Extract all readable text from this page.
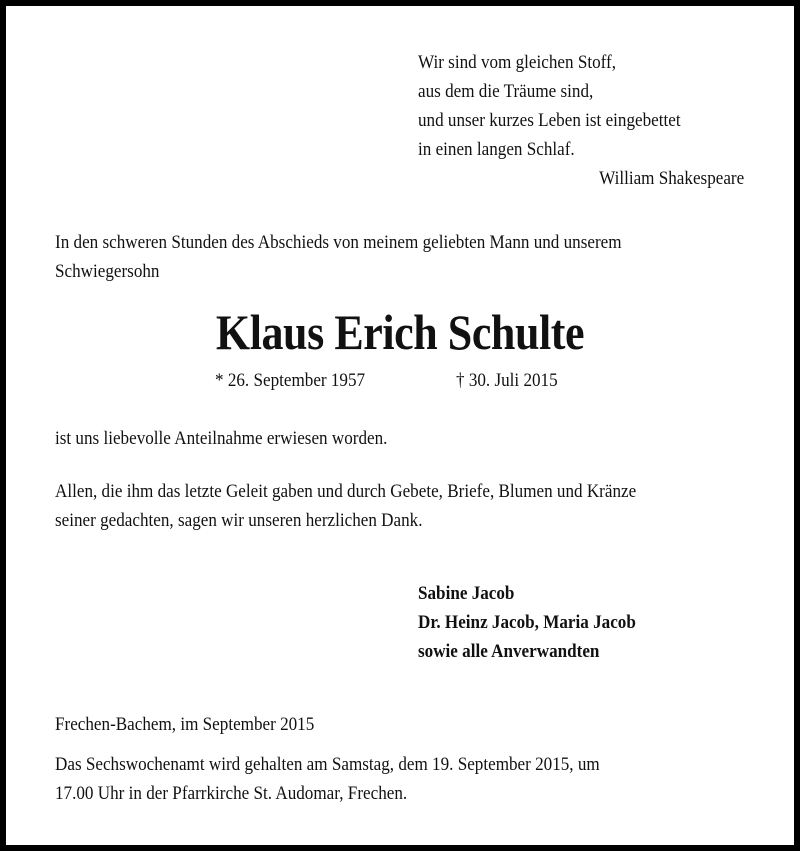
Wir sind vom gleichen Stoff,
aus dem die Träume sind,
und unser kurzes Leben ist eingebettet
in einen langen Schlaf.
William Shakespeare
In den schweren Stunden des Abschieds von meinem geliebten Mann und unserem
Schwiegersohn
Klaus Erich Schulte
* 26. September 1957	† 30. Juli 2015
ist uns liebevolle Anteilnahme erwiesen worden.
Allen, die ihm das letzte Geleit gaben und durch Gebete, Briefe, Blumen und Kränze
seiner gedachten, sagen wir unseren herzlichen Dank.
Sabine Jacob
Dr. Heinz Jacob, Maria Jacob
sowie alle Anverwandten
Frechen-Bachem, im September 2015
Das Sechswochenamt wird gehalten am Samstag, dem 19. September 2015, um
17.00 Uhr in der Pfarrkirche St. Audomar, Frechen.
